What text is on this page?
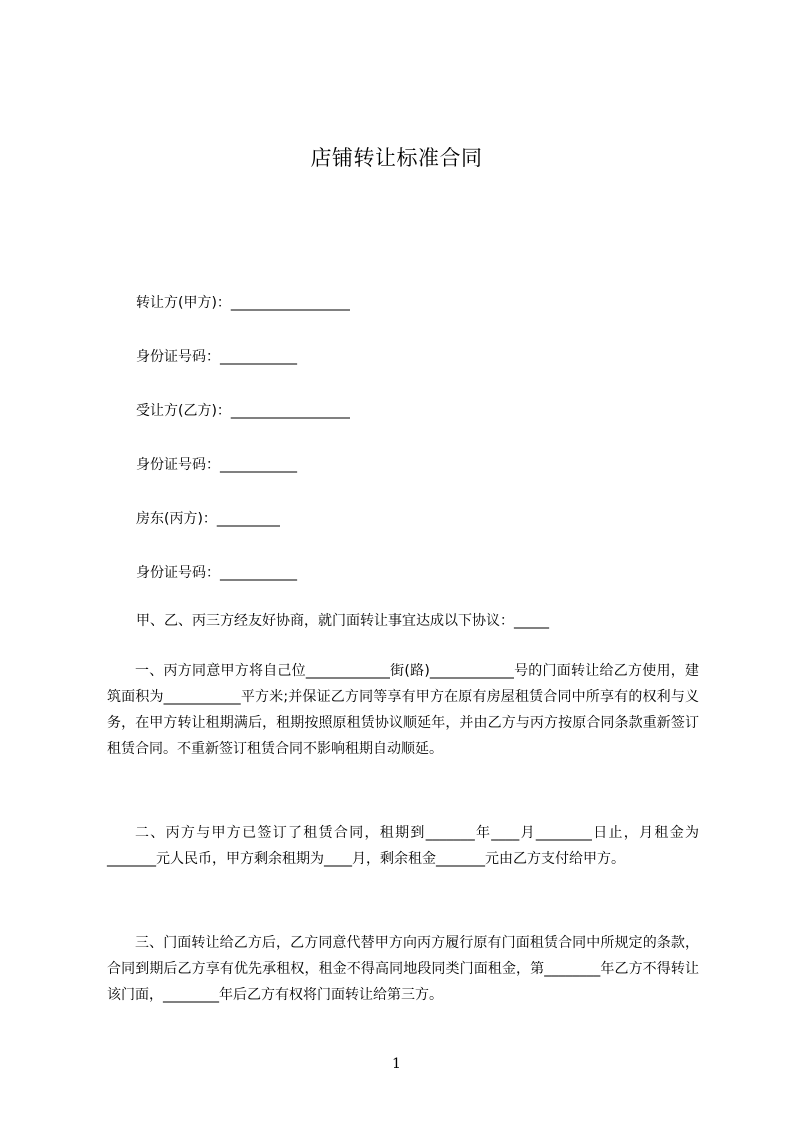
店铺转让标准合同
转让方(甲方)：_________________
身份证号码：___________
受让方(乙方)：_________________
身份证号码：___________
房东(丙方)：_________
身份证号码：___________
甲、乙、丙三方经友好协商，就门面转让事宜达成以下协议：_____
一、丙方同意甲方将自己位____________街(路)____________号的门面转让给乙方使用，建筑面积为___________平方米;并保证乙方同等享有甲方在原有房屋租赁合同中所享有的权利与义务，在甲方转让租期满后，租期按照原租赁协议顺延年，并由乙方与丙方按原合同条款重新签订租赁合同。不重新签订租赁合同不影响租期自动顺延。
二、丙方与甲方已签订了租赁合同，租期到_______年____月________日止，月租金为_______元人民币，甲方剩余租期为____月，剩余租金_______元由乙方支付给甲方。
三、门面转让给乙方后，乙方同意代替甲方向丙方履行原有门面租赁合同中所规定的条款，合同到期后乙方享有优先承租权，租金不得高同地段同类门面租金，第________年乙方不得转让该门面，________年后乙方有权将门面转让给第三方。
1
